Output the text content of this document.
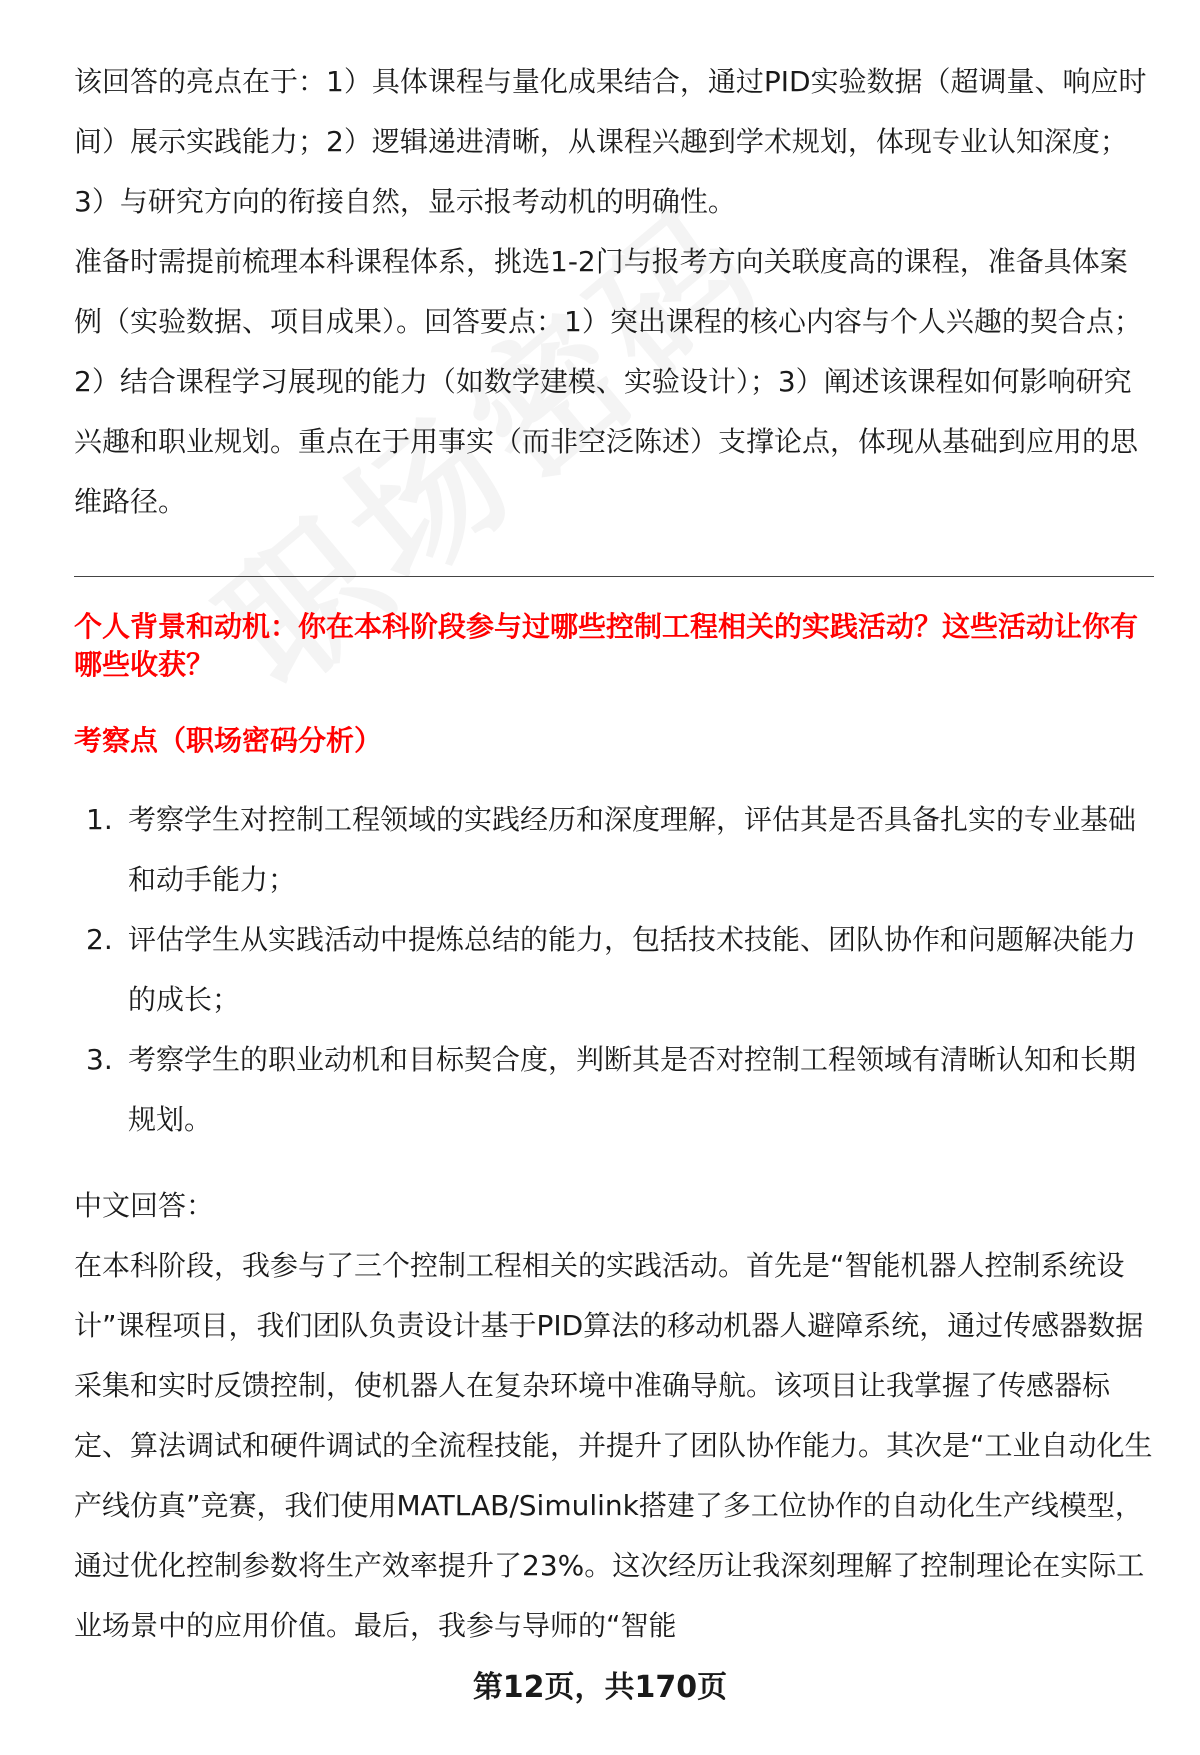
该回答的亮点在于：1）具体课程与量化成果结合，通过PID实验数据（超调量、响应时间）展示实践能力；2）逻辑递进清晰，从课程兴趣到学术规划，体现专业认知深度；3）与研究方向的衔接自然，显示报考动机的明确性。

准备时需提前梳理本科课程体系，挑选1-2门与报考方向关联度高的课程，准备具体案例（实验数据、项目成果）。回答要点：1）突出课程的核心内容与个人兴趣的契合点；2）结合课程学习展现的能力（如数学建模、实验设计）；3）阐述该课程如何影响研究兴趣和职业规划。重点在于用事实（而非空泛陈述）支撑论点，体现从基础到应用的思维路径。

个人背景和动机：你在本科阶段参与过哪些控制工程相关的实践活动？这些活动让你有哪些收获？
考察点（职场密码分析）
1. 考察学生对控制工程领域的实践经历和深度理解，评估其是否具备扎实的专业基础和动手能力；
2. 评估学生从实践活动中提炼总结的能力，包括技术技能、团队协作和问题解决能力的成长；
3. 考察学生的职业动机和目标契合度，判断其是否对控制工程领域有清晰认知和长期规划。

中文回答：

在本科阶段，我参与了三个控制工程相关的实践活动。首先是“智能机器人控制系统设计”课程项目，我们团队负责设计基于PID算法的移动机器人避障系统，通过传感器数据采集和实时反馈控制，使机器人在复杂环境中准确导航。该项目让我掌握了传感器标定、算法调试和硬件调试的全流程技能，并提升了团队协作能力。其次是“工业自动化生产线仿真”竞赛，我们使用MATLAB/Simulink搭建了多工位协作的自动化生产线模型，通过优化控制参数将生产效率提升了23%。这次经历让我深刻理解了控制理论在实际工业场景中的应用价值。最后，我参与导师的“智能

第12页，共170页
